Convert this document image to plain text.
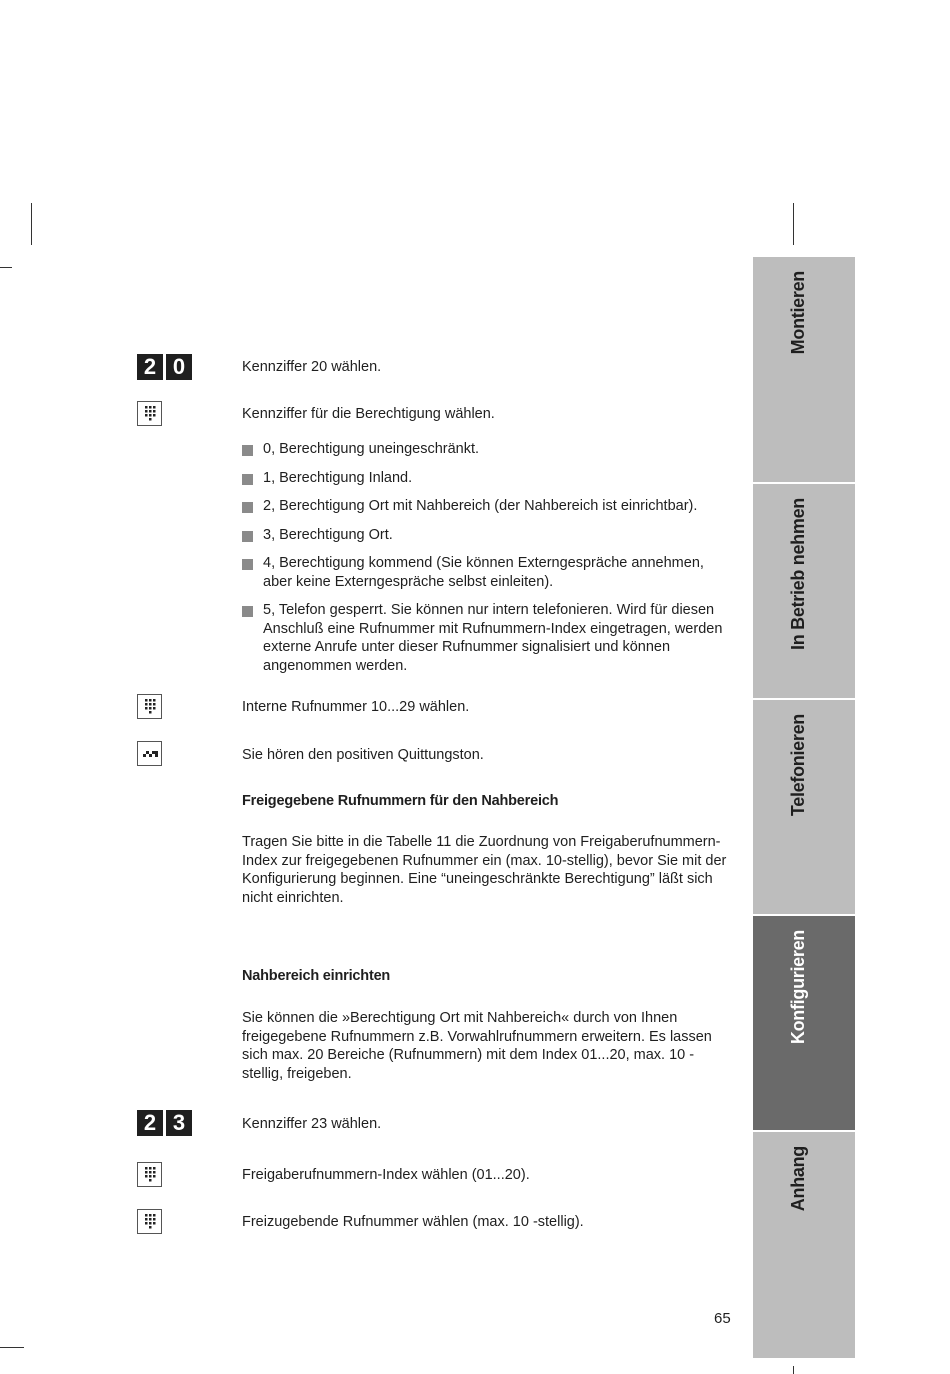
2 0	Kennziffer 20 wählen.
Kennziffer für die Berechtigung wählen.
0, Berechtigung uneingeschränkt.
1, Berechtigung Inland.
2, Berechtigung Ort mit Nahbereich (der Nahbereich ist einrichtbar).
3, Berechtigung Ort.
4, Berechtigung kommend (Sie können Externgespräche annehmen, aber keine Externgespräche selbst einleiten).
5, Telefon gesperrt. Sie können nur intern telefonieren. Wird für diesen Anschluß eine Rufnummer mit Rufnummern-Index eingetragen, werden externe Anrufe unter dieser Rufnummer signalisiert und können angenommen werden.
Interne Rufnummer 10...29 wählen.
Sie hören den positiven Quittungston.
Freigegebene Rufnummern für den Nahbereich
Tragen Sie bitte in die Tabelle 11 die Zuordnung von Freigaberufnummern-Index zur freigegebenen Rufnummer ein (max. 10-stellig), bevor Sie mit der Konfigurierung beginnen. Eine “uneingeschränkte Berechtigung” läßt sich nicht einrichten.
Nahbereich einrichten
Sie können die »Berechtigung Ort mit Nahbereich« durch von Ihnen freigegebene Rufnummern z.B. Vorwahlrufnummern erweitern. Es lassen sich max. 20 Bereiche (Rufnummern) mit dem Index 01...20, max. 10 -stellig, freigeben.
2 3	Kennziffer 23 wählen.
Freigaberufnummern-Index wählen (01...20).
Freizugebende Rufnummer wählen (max. 10 -stellig).
65
Montieren
In Betrieb nehmen
Telefonieren
Konfigurieren
Anhang
